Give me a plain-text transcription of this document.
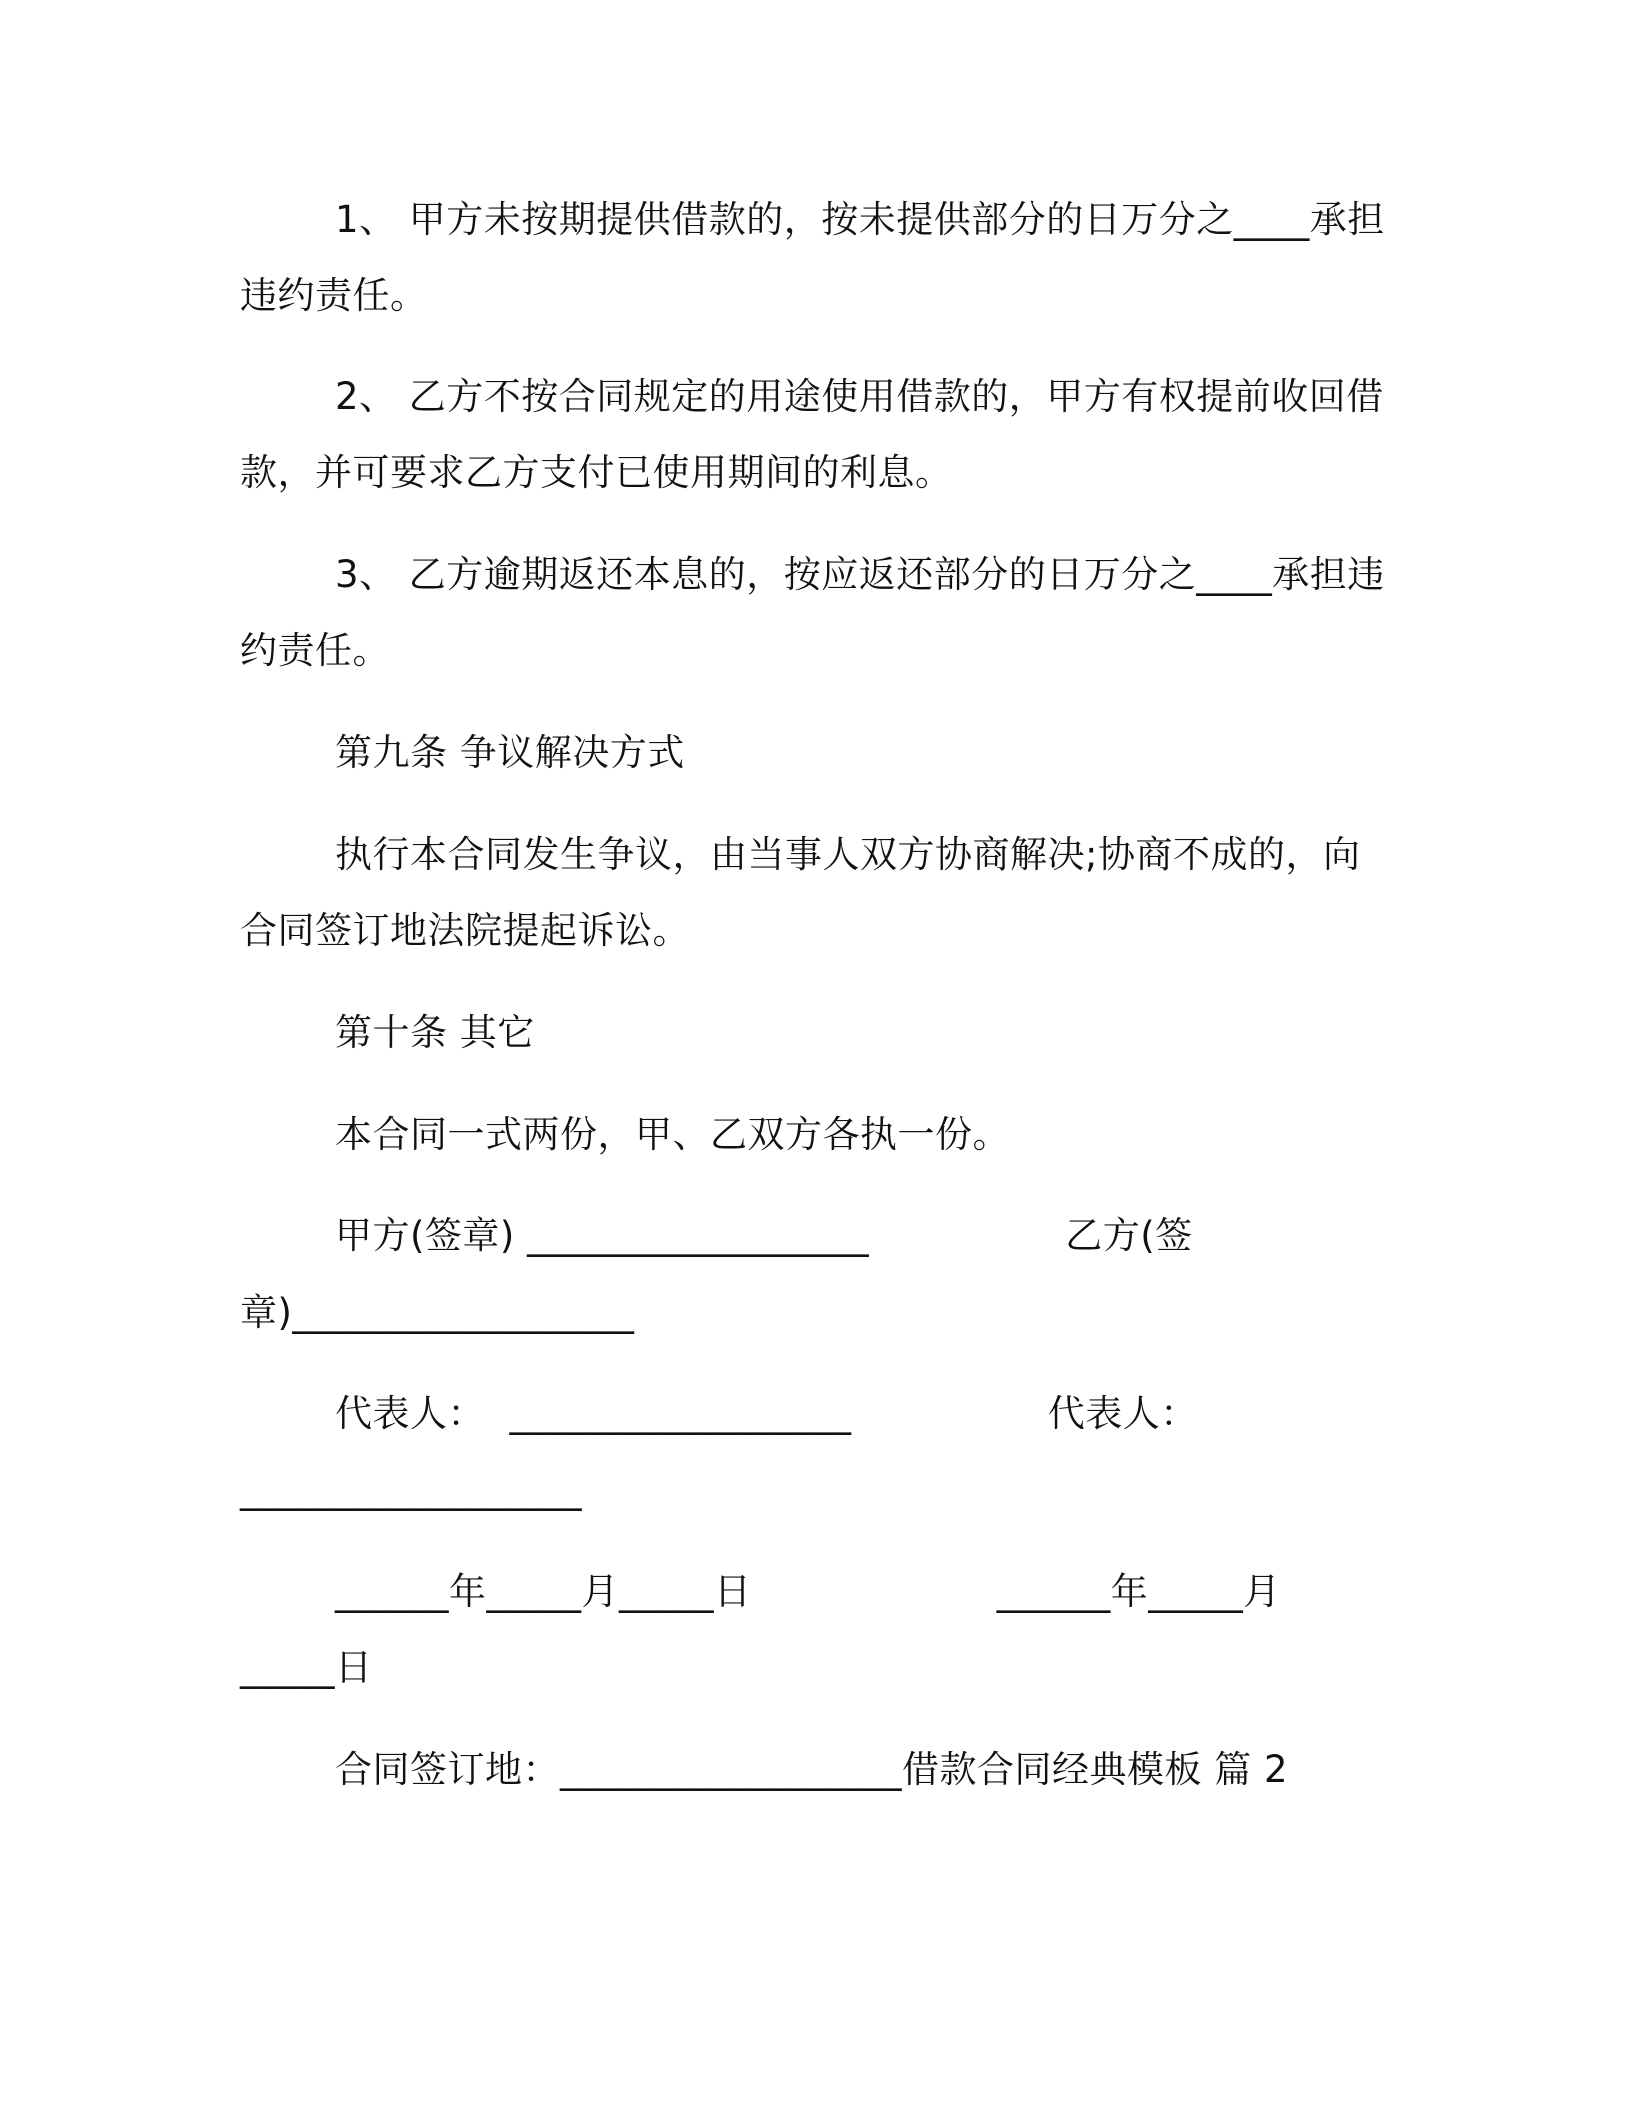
1、 甲方未按期提供借款的，按未提供部分的日万分之____承担
违约责任。
2、 乙方不按合同规定的用途使用借款的，甲方有权提前收回借
款，并可要求乙方支付已使用期间的利息。
3、 乙方逾期返还本息的，按应返还部分的日万分之____承担违
约责任。
第九条 争议解决方式
执行本合同发生争议，由当事人双方协商解决;协商不成的，向
合同签订地法院提起诉讼。
第十条 其它
本合同一式两份，甲、乙双方各执一份。
甲方(签章) __________________                乙方(签
章)__________________
代表人：  __________________                代表人：
__________________
______年_____月_____日                    ______年_____月
_____日
合同签订地：__________________借款合同经典模板 篇 2
